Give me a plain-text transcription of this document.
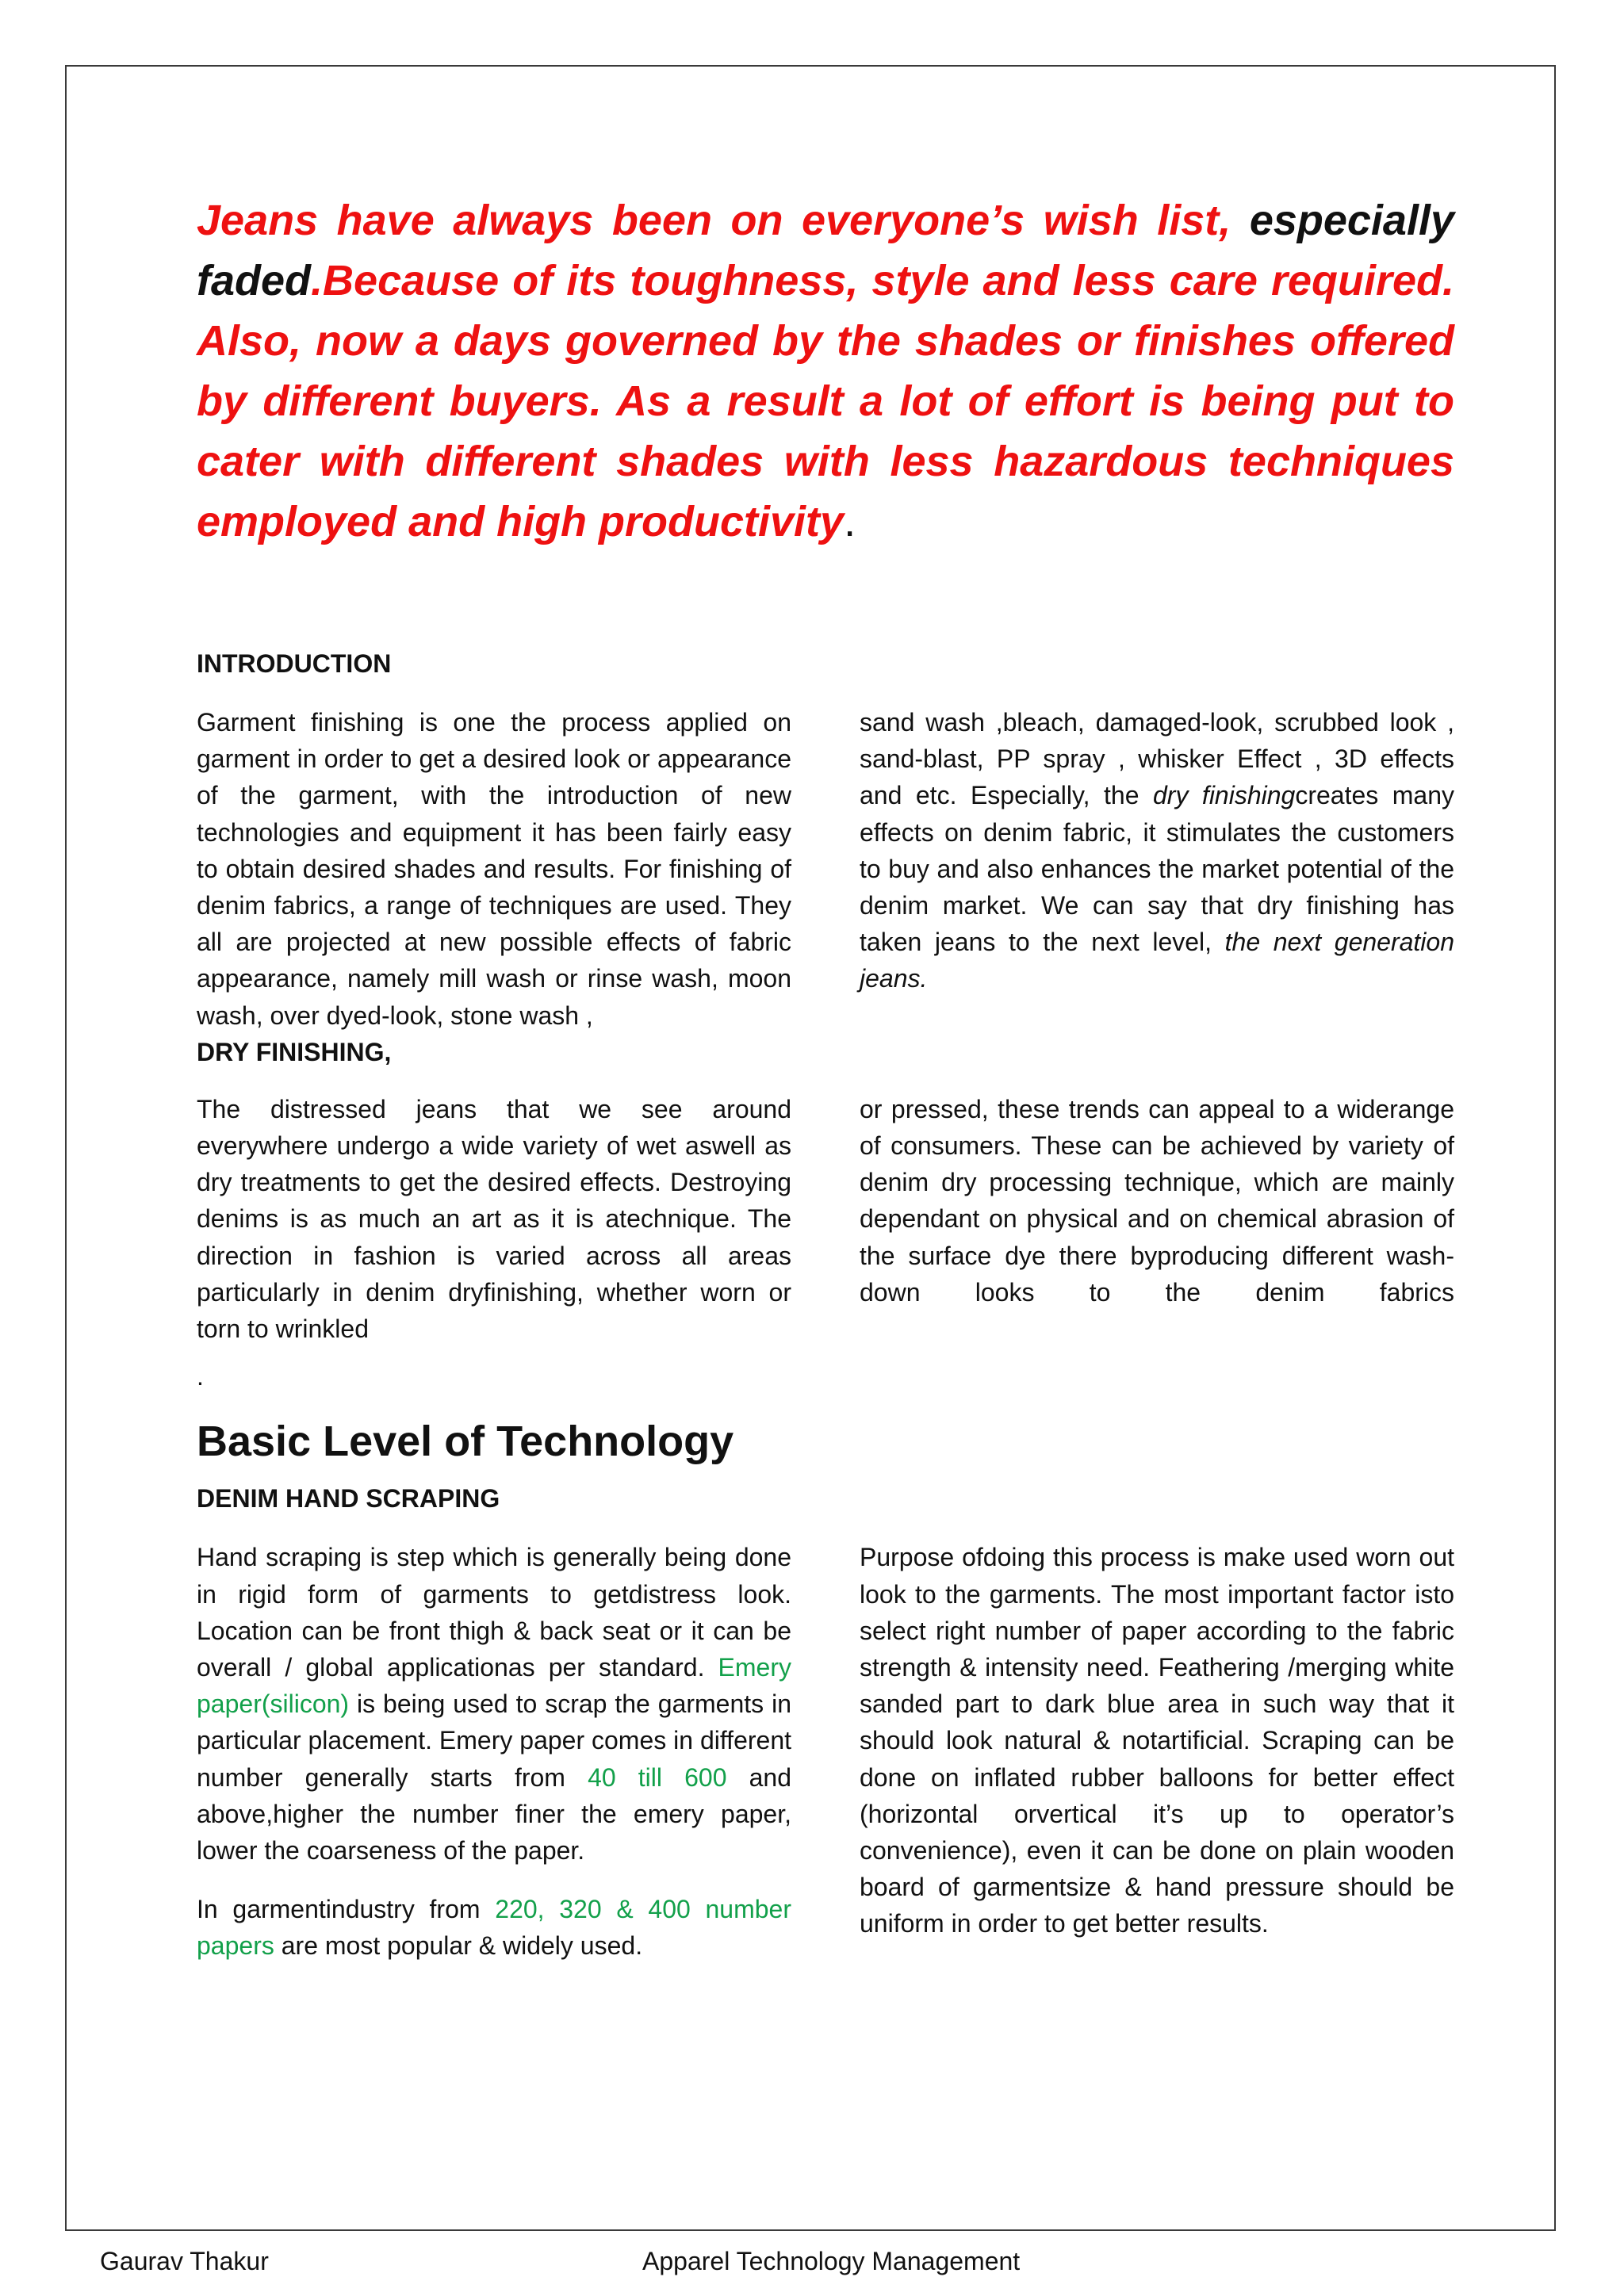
Jeans have always been on everyone’s wish list, especially faded.Because of its toughness, style and less care required. Also, now a days governed by the shades or finishes offered by different buyers. As a result a lot of effort is being put to cater with different shades with less hazardous techniques employed and high productivity.

INTRODUCTION

Garment finishing is one the process applied on garment in order to get a desired look or appearance of the garment, with the introduction of new technologies and equipment it has been fairly easy to obtain desired shades and results. For finishing of denim fabrics, a range of techniques are used. They all are projected at new possible effects of fabric appearance, namely mill wash or rinse wash, moon wash, over dyed-look, stone wash ,

DRY FINISHING,

sand wash ,bleach, damaged-look, scrubbed look , sand-blast, PP spray , whisker Effect , 3D effects and etc. Especially, the dry finishingcreates many effects on denim fabric, it stimulates the customers to buy and also enhances the market potential of the denim market. We can say that dry finishing has taken jeans to the next level, the next generation jeans.

The distressed jeans that we see around everywhere undergo a wide variety of wet aswell as dry treatments to get the desired effects. Destroying denims is as much an art as it is atechnique. The direction in fashion is varied across all areas particularly in denim dryfinishing, whether worn or torn to wrinkled

.

or pressed, these trends can appeal to a widerange of consumers. These can be achieved by variety of denim dry processing technique, which are mainly dependant on physical and on chemical abrasion of the surface dye there byproducing different wash-down looks to the denim fabrics

Basic Level of Technology

DENIM HAND SCRAPING

Hand scraping is step which is generally being done in rigid form of garments to getdistress look. Location can be front thigh & back seat or it can be overall / global applicationas per standard. Emery paper(silicon) is being used to scrap the garments in particular placement. Emery paper comes in different number generally starts from 40 till 600 and above,higher the number finer the emery paper, lower the coarseness of the paper.

In garmentindustry from 220, 320 & 400 number papers are most popular & widely used.

Purpose ofdoing this process is make used worn out look to the garments. The most important factor isto select right number of paper according to the fabric strength & intensity need. Feathering /merging white sanded part to dark blue area in such way that it should look natural & notartificial. Scraping can be done on inflated rubber balloons for better effect (horizontal orvertical it’s up to operator’s convenience), even it can be done on plain wooden board of garmentsize & hand pressure should be uniform in order to get better results.

Gaurav Thakur	Apparel Technology Management
